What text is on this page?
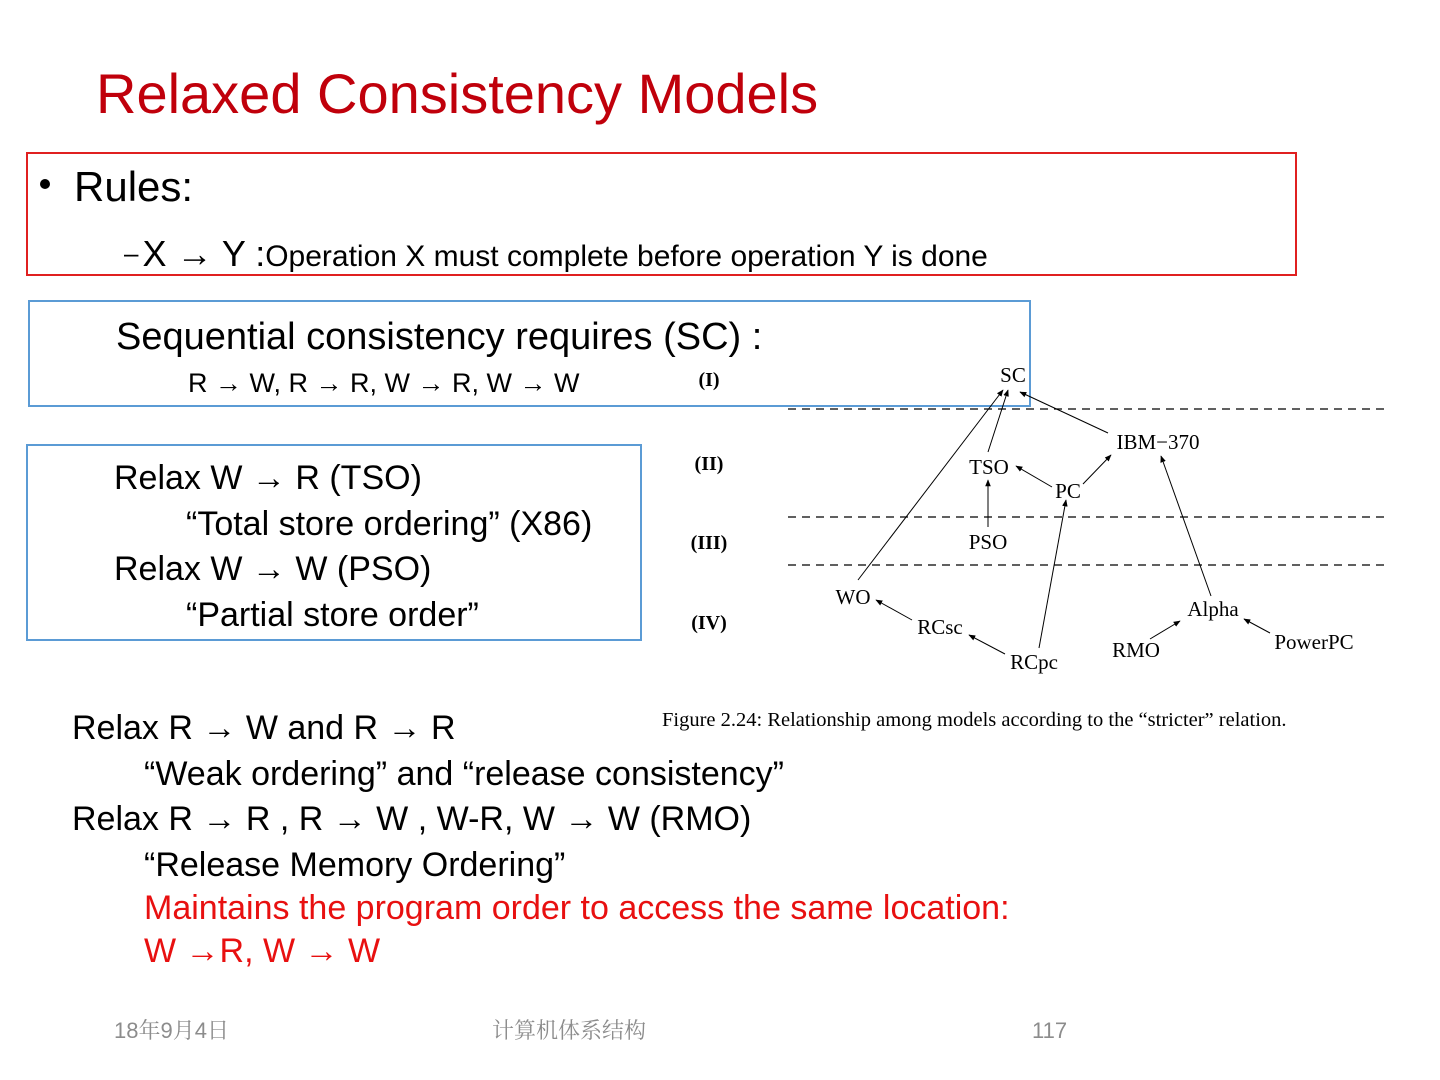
Relaxed Consistency Models
Rules:
– X → Y :Operation X must complete before operation Y is done
Sequential consistency requires (SC) :
R → W, R → R, W → R, W → W
Relax W → R (TSO)
“Total store ordering” (X86)
Relax W → W (PSO)
“Partial store order”
Relax R → W and R → R
“Weak ordering” and “release consistency”
Relax R → R , R → W , W-R, W → W (RMO)
“Release Memory Ordering”
Maintains the program order to access the same location:
W →R, W → W
(I)
(II)
(III)
(IV)
SC
IBM−370
TSO
PC
PSO
WO
RCsc
RCpc	RMO
Alpha
PowerPC
Figure 2.24: Relationship among models according to the “stricter” relation.
18年9月4日	计算机体系结构	117
